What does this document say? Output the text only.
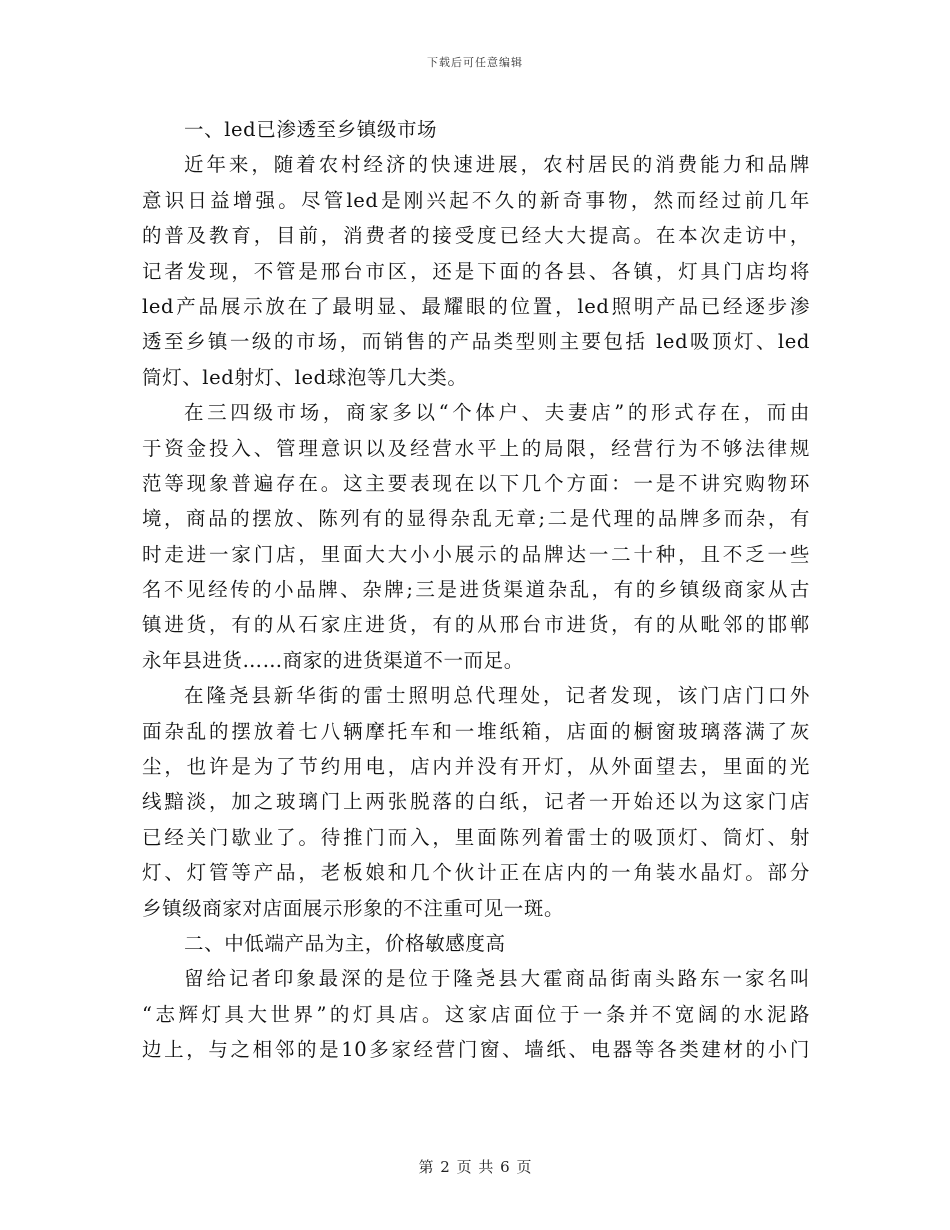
下载后可任意编辑
一、led已渗透至乡镇级市场
近年来，随着农村经济的快速进展，农村居民的消费能力和品牌
意识日益增强。尽管led是刚兴起不久的新奇事物，然而经过前几年
的普及教育，目前，消费者的接受度已经大大提高。在本次走访中，
记者发现，不管是邢台市区，还是下面的各县、各镇，灯具门店均将
led产品展示放在了最明显、最耀眼的位置，led照明产品已经逐步渗
透至乡镇一级的市场，而销售的产品类型则主要包括 led吸顶灯、led
筒灯、led射灯、led球泡等几大类。
在三四级市场，商家多以“个体户、夫妻店”的形式存在，而由
于资金投入、管理意识以及经营水平上的局限，经营行为不够法律规
范等现象普遍存在。这主要表现在以下几个方面：一是不讲究购物环
境，商品的摆放、陈列有的显得杂乱无章;二是代理的品牌多而杂，有
时走进一家门店，里面大大小小展示的品牌达一二十种，且不乏一些
名不见经传的小品牌、杂牌;三是进货渠道杂乱，有的乡镇级商家从古
镇进货，有的从石家庄进货，有的从邢台市进货，有的从毗邻的邯郸
永年县进货……商家的进货渠道不一而足。
在隆尧县新华街的雷士照明总代理处，记者发现，该门店门口外
面杂乱的摆放着七八辆摩托车和一堆纸箱，店面的橱窗玻璃落满了灰
尘，也许是为了节约用电，店内并没有开灯，从外面望去，里面的光
线黯淡，加之玻璃门上两张脱落的白纸，记者一开始还以为这家门店
已经关门歇业了。待推门而入，里面陈列着雷士的吸顶灯、筒灯、射
灯、灯管等产品，老板娘和几个伙计正在店内的一角装水晶灯。部分
乡镇级商家对店面展示形象的不注重可见一斑。
二、中低端产品为主，价格敏感度高
留给记者印象最深的是位于隆尧县大霍商品街南头路东一家名叫
“志辉灯具大世界”的灯具店。这家店面位于一条并不宽阔的水泥路
边上，与之相邻的是10多家经营门窗、墙纸、电器等各类建材的小门
第 2 页 共 6 页
